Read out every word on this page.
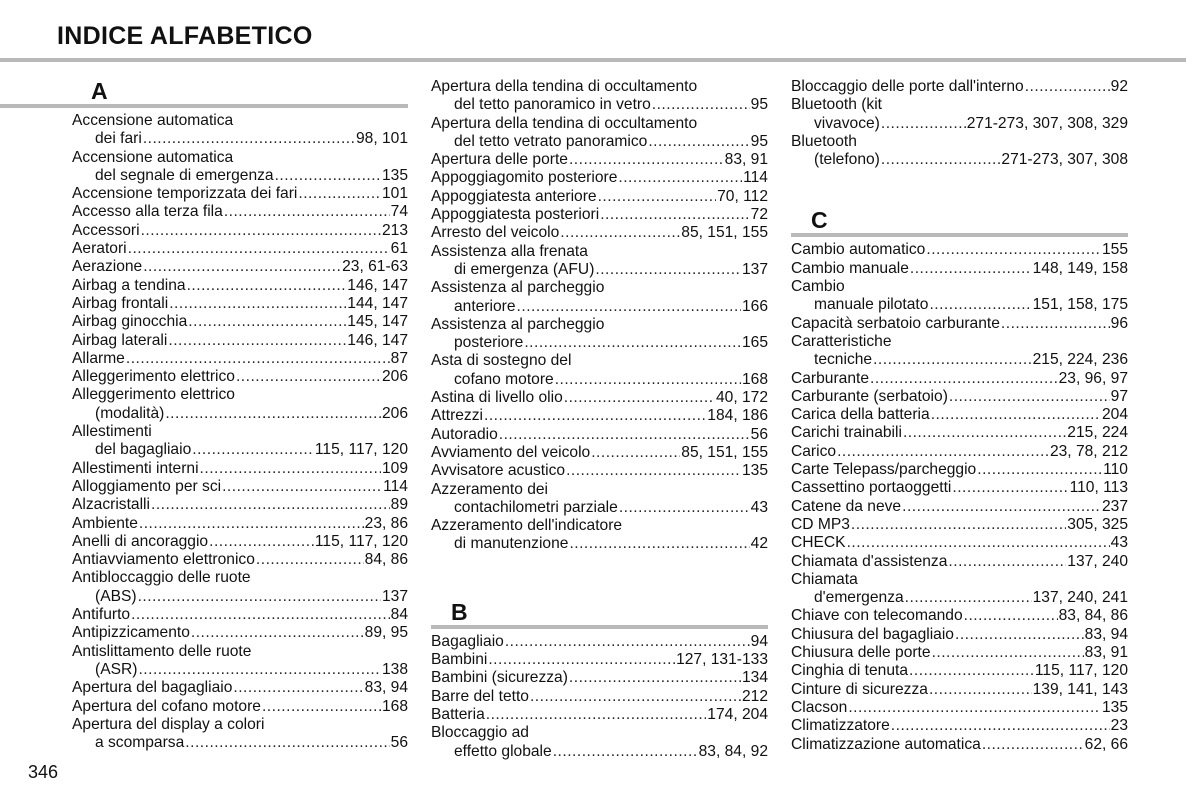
INDICE ALFABETICO
A
Accensione automatica
dei fari .....	98, 101
Accensione automatica
del segnale di emergenza .....	135
Accensione temporizzata dei fari .....	101
Accesso alla terza fila .....	74
Accessori .....	213
Aeratori .....	61
Aerazione .....	23, 61-63
Airbag a tendina .....	146, 147
Airbag frontali .....	144, 147
Airbag ginocchia .....	145, 147
Airbag laterali .....	146, 147
Allarme .....	87
Alleggerimento elettrico .....	206
Alleggerimento elettrico
(modalità) .....	206
Allestimenti
del bagagliaio .....	115, 117, 120
Allestimenti interni .....	109
Alloggiamento per sci .....	114
Alzacristalli .....	89
Ambiente .....	23, 86
Anelli di ancoraggio .....	115, 117, 120
Antiavviamento elettronico .....	84, 86
Antibloccaggio delle ruote
(ABS) .....	137
Antifurto .....	84
Antipizzicamento .....	89, 95
Antislittamento delle ruote
(ASR) .....	138
Apertura del bagagliaio .....	83, 94
Apertura del cofano motore .....	168
Apertura del display a colori
a scomparsa .....	56
Apertura della tendina di occultamento
del tetto panoramico in vetro .....	95
Apertura della tendina di occultamento
del tetto vetrato panoramico .....	95
Apertura delle porte .....	83, 91
Appoggiagomito posteriore .....	114
Appoggiatesta anteriore .....	70, 112
Appoggiatesta posteriori .....	72
Arresto del veicolo .....	85, 151, 155
Assistenza alla frenata
di emergenza (AFU) .....	137
Assistenza al parcheggio
anteriore .....	166
Assistenza al parcheggio
posteriore .....	165
Asta di sostegno del
cofano motore .....	168
Astina di livello olio .....	40, 172
Attrezzi .....	184, 186
Autoradio .....	56
Avviamento del veicolo .....	85, 151, 155
Avvisatore acustico .....	135
Azzeramento dei
contachilometri parziale .....	43
Azzeramento dell'indicatore
di manutenzione .....	42
B
Bagagliaio .....	94
Bambini .....	127, 131-133
Bambini (sicurezza) .....	134
Barre del tetto .....	212
Batteria .....	174, 204
Bloccaggio ad
effetto globale .....	83, 84, 92
Bloccaggio delle porte dall'interno .....	92
Bluetooth (kit
vivavoce) .....	271-273, 307, 308, 329
Bluetooth
(telefono) .....	271-273, 307, 308
C
Cambio automatico .....	155
Cambio manuale .....	148, 149, 158
Cambio
manuale pilotato .....	151, 158, 175
Capacità serbatoio carburante .....	96
Caratteristiche
tecniche .....	215, 224, 236
Carburante .....	23, 96, 97
Carburante (serbatoio) .....	97
Carica della batteria .....	204
Carichi trainabili .....	215, 224
Carico .....	23, 78, 212
Carte Telepass/parcheggio .....	110
Cassettino portaoggetti .....	110, 113
Catene da neve .....	237
CD MP3 .....	305, 325
CHECK .....	43
Chiamata d'assistenza .....	137, 240
Chiamata
d'emergenza .....	137, 240, 241
Chiave con telecomando .....	83, 84, 86
Chiusura del bagagliaio .....	83, 94
Chiusura delle porte .....	83, 91
Cinghia di tenuta .....	115, 117, 120
Cinture di sicurezza .....	139, 141, 143
Clacson .....	135
Climatizzatore .....	23
Climatizzazione automatica .....	62, 66
346
